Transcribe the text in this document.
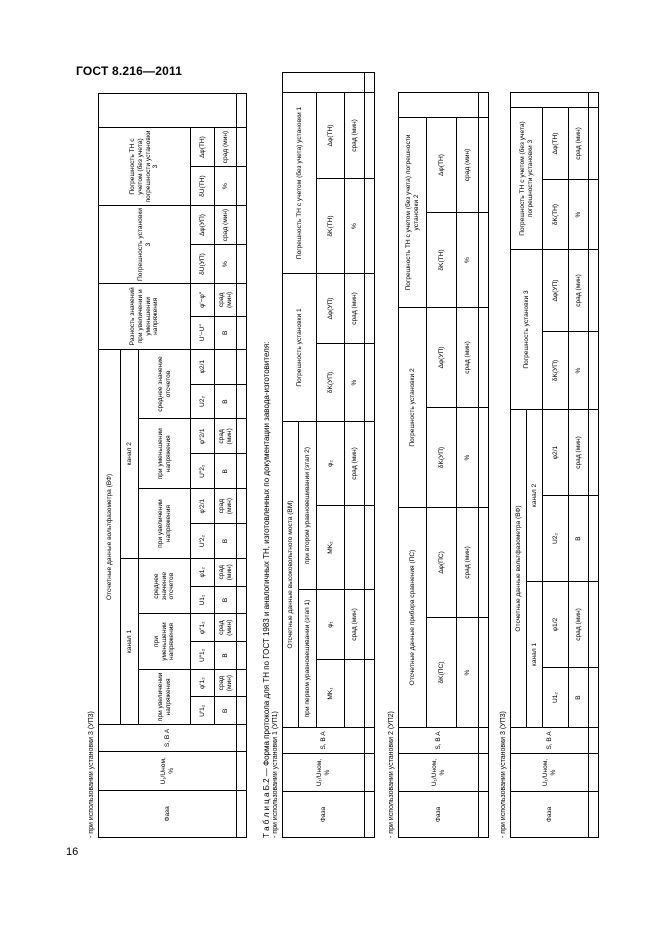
ГОСТ 8.216—2011
16
- при использовании установки 3 (УП3)	Фаза	U₁/Uном, %	S, B A	Отсчетные данные вольтфазометра (ВФ)												Разность значений при увеличении и уменьшении напряжения		Погрешность установки 3		Погрешность ТН с учетом (без учета) погрешности установки 3		
			канал 1						канал 2												
			при увеличении напряжения		при уменьшении напряжения		среднее значение отсчетов		при увеличении напряжения		при уменьшении напряжения		среднее значение отсчетов								
			U′1₂	φ′1₂	U″1₂	φ″1₂	U1₂	φ1₂	U′2₂	φ′2/1	U″2₂	φ″2/1	U2₂	φ2/1	U′−U″	φ′−φ″	δU(УП)	Δφ(УП)	δU(ТН)	Δφ(ТН)	
			В	срад (мин)	В	срад (мин)	В	срад (мин)	В	срад (мин)	В	срад (мин)	В		В	срад (мин)	%	срад (мин)	%	срад (мин)	

Т а б л и ц а Б.2 — Форма протокола для ТН по ГОСТ 1983 и аналогичных ТН, изготовленных по документации завода-изготовителя: - при использовании установки 1 (УП1)	Фаза	U₁/Uном, %	S, B A	Отсчетные данные высоковольтного моста (ВМ)				Погрешность установки 1		Погрешность ТН с учетом (без учета) установки 1		
			при первом уравновешивании (этап 1)		при втором уравновешивании (этап 2)						
			MK₁	φ₁	MK₂	φ₂	δK(УП)	Δφ(УП)	δK(ТН)	Δφ(ТН)	
				срад (мин)		срад (мин)	%	срад (мин)	%	срад (мин)	

- при использовании установки 2 (УП2)	Фаза	U₁/Uном, %	S, B A	Отсчетные данные прибора сравнения (ПС)		Погрешность установки 2		Погрешность ТН с учетом (без учета) погрешности установки 2		
			δK(ПС)	Δφ(ПС)	δK(УП)	Δφ(УП)	δK(ТН)	Δφ(ТН)	
			%	срад (мин)	%	срад (мин)	%	срад (мин)	

- при использовании установки 3 (УП3)	Фаза	U₁/Uном, %	S, B A	Отсчетные данные вольтфазометра (ВФ)				Погрешность установки 3		Погрешность ТН с учетом (без учета) погрешности установки 3		
			канал 1		канал 2						
			U1₂	φ1/2	U2₂	φ2/1	δK(УП)	Δφ(УП)	δK(ТН)	Δφ(ТН)	
			В	срад (мин)	В	срад (мин)	%	срад (мин)	%	срад (мин)	
